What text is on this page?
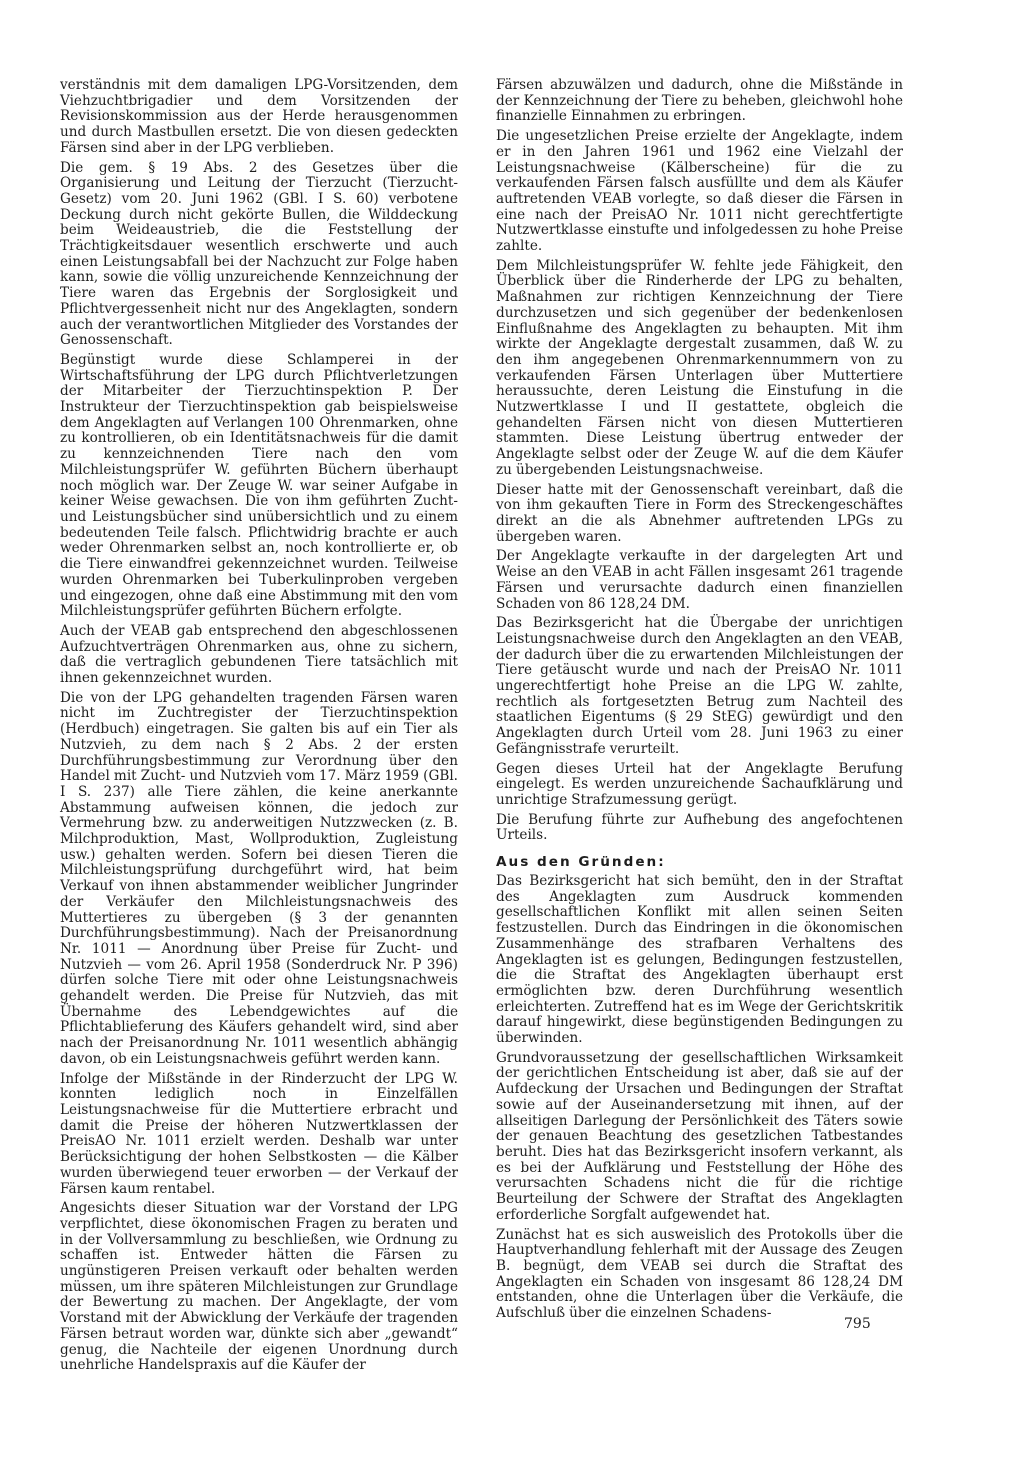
verständnis mit dem damaligen LPG-Vorsitzenden, dem Viehzuchtbrigadier und dem Vorsitzenden der Revisionskommission aus der Herde herausgenommen und durch Mastbullen ersetzt. Die von diesen gedeckten Färsen sind aber in der LPG verblieben.

Die gem. § 19 Abs. 2 des Gesetzes über die Organisierung und Leitung der Tierzucht (Tierzucht-Gesetz) vom 20. Juni 1962 (GBl. I S. 60) verbotene Deckung durch nicht gekörte Bullen, die Wilddeckung beim Weideaustrieb, die die Feststellung der Trächtigkeitsdauer wesentlich erschwerte und auch einen Leistungsabfall bei der Nachzucht zur Folge haben kann, sowie die völlig unzureichende Kennzeichnung der Tiere waren das Ergebnis der Sorglosigkeit und Pflichtvergessenheit nicht nur des Angeklagten, sondern auch der verantwortlichen Mitglieder des Vorstandes der Genossenschaft.

Begünstigt wurde diese Schlamperei in der Wirtschaftsführung der LPG durch Pflichtverletzungen der Mitarbeiter der Tierzuchtinspektion P. Der Instrukteur der Tierzuchtinspektion gab beispielsweise dem Angeklagten auf Verlangen 100 Ohrenmarken, ohne zu kontrollieren, ob ein Identitätsnachweis für die damit zu kennzeichnenden Tiere nach den vom Milchleistungsprüfer W. geführten Büchern überhaupt noch möglich war. Der Zeuge W. war seiner Aufgabe in keiner Weise gewachsen. Die von ihm geführten Zucht- und Leistungsbücher sind unübersichtlich und zu einem bedeutenden Teile falsch. Pflichtwidrig brachte er auch weder Ohrenmarken selbst an, noch kontrollierte er, ob die Tiere einwandfrei gekennzeichnet wurden. Teilweise wurden Ohrenmarken bei Tuberkulinproben vergeben und eingezogen, ohne daß eine Abstimmung mit den vom Milchleistungsprüfer geführten Büchern erfolgte.

Auch der VEAB gab entsprechend den abgeschlossenen Aufzuchtverträgen Ohrenmarken aus, ohne zu sichern, daß die vertraglich gebundenen Tiere tatsächlich mit ihnen gekennzeichnet wurden.

Die von der LPG gehandelten tragenden Färsen waren nicht im Zuchtregister der Tierzuchtinspektion (Herdbuch) eingetragen. Sie galten bis auf ein Tier als Nutzvieh, zu dem nach § 2 Abs. 2 der ersten Durchführungsbestimmung zur Verordnung über den Handel mit Zucht- und Nutzvieh vom 17. März 1959 (GBl. I S. 237) alle Tiere zählen, die keine anerkannte Abstammung aufweisen können, die jedoch zur Vermehrung bzw. zu anderweitigen Nutzzwecken (z. B. Milchproduktion, Mast, Wollproduktion, Zugleistung usw.) gehalten werden. Sofern bei diesen Tieren die Milchleistungsprüfung durchgeführt wird, hat beim Verkauf von ihnen abstammender weiblicher Jungrinder der Verkäufer den Milchleistungsnachweis des Muttertieres zu übergeben (§ 3 der genannten Durchführungsbestimmung). Nach der Preisanordnung Nr. 1011 — Anordnung über Preise für Zucht- und Nutzvieh — vom 26. April 1958 (Sonderdruck Nr. P 396) dürfen solche Tiere mit oder ohne Leistungsnachweis gehandelt werden. Die Preise für Nutzvieh, das mit Übernahme des Lebendgewichtes auf die Pflichtablieferung des Käufers gehandelt wird, sind aber nach der Preisanordnung Nr. 1011 wesentlich abhängig davon, ob ein Leistungsnachweis geführt werden kann.

Infolge der Mißstände in der Rinderzucht der LPG W. konnten lediglich noch in Einzelfällen Leistungsnachweise für die Muttertiere erbracht und damit die Preise der höheren Nutzwertklassen der PreisAO Nr. 1011 erzielt werden. Deshalb war unter Berücksichtigung der hohen Selbstkosten — die Kälber wurden überwiegend teuer erworben — der Verkauf der Färsen kaum rentabel.

Angesichts dieser Situation war der Vorstand der LPG verpflichtet, diese ökonomischen Fragen zu beraten und in der Vollversammlung zu beschließen, wie Ordnung zu schaffen ist. Entweder hätten die Färsen zu ungünstigeren Preisen verkauft oder behalten werden müssen, um ihre späteren Milchleistungen zur Grundlage der Bewertung zu machen. Der Angeklagte, der vom Vorstand mit der Abwicklung der Verkäufe der tragenden Färsen betraut worden war, dünkte sich aber „gewandt“ genug, die Nachteile der eigenen Unordnung durch unehrliche Handelspraxis auf die Käufer der

Färsen abzuwälzen und dadurch, ohne die Mißstände in der Kennzeichnung der Tiere zu beheben, gleichwohl hohe finanzielle Einnahmen zu erbringen.

Die ungesetzlichen Preise erzielte der Angeklagte, indem er in den Jahren 1961 und 1962 eine Vielzahl der Leistungsnachweise (Kälberscheine) für die zu verkaufenden Färsen falsch ausfüllte und dem als Käufer auftretenden VEAB vorlegte, so daß dieser die Färsen in eine nach der PreisAO Nr. 1011 nicht gerechtfertigte Nutzwertklasse einstufte und infolgedessen zu hohe Preise zahlte.

Dem Milchleistungsprüfer W. fehlte jede Fähigkeit, den Überblick über die Rinderherde der LPG zu behalten, Maßnahmen zur richtigen Kennzeichnung der Tiere durchzusetzen und sich gegenüber der bedenkenlosen Einflußnahme des Angeklagten zu behaupten. Mit ihm wirkte der Angeklagte dergestalt zusammen, daß W. zu den ihm angegebenen Ohrenmarkennummern von zu verkaufenden Färsen Unterlagen über Muttertiere heraussuchte, deren Leistung die Einstufung in die Nutzwertklasse I und II gestattete, obgleich die gehandelten Färsen nicht von diesen Muttertieren stammten. Diese Leistung übertrug entweder der Angeklagte selbst oder der Zeuge W. auf die dem Käufer zu übergebenden Leistungsnachweise.

Dieser hatte mit der Genossenschaft vereinbart, daß die von ihm gekauften Tiere in Form des Streckengeschäftes direkt an die als Abnehmer auftretenden LPGs zu übergeben waren.

Der Angeklagte verkaufte in der dargelegten Art und Weise an den VEAB in acht Fällen insgesamt 261 tragende Färsen und verursachte dadurch einen finanziellen Schaden von 86 128,24 DM.

Das Bezirksgericht hat die Übergabe der unrichtigen Leistungsnachweise durch den Angeklagten an den VEAB, der dadurch über die zu erwartenden Milchleistungen der Tiere getäuscht wurde und nach der PreisAO Nr. 1011 ungerechtfertigt hohe Preise an die LPG W. zahlte, rechtlich als fortgesetzten Betrug zum Nachteil des staatlichen Eigentums (§ 29 StEG) gewürdigt und den Angeklagten durch Urteil vom 28. Juni 1963 zu einer Gefängnisstrafe verurteilt.

Gegen dieses Urteil hat der Angeklagte Berufung eingelegt. Es werden unzureichende Sachaufklärung und unrichtige Strafzumessung gerügt.

Die Berufung führte zur Aufhebung des angefochtenen Urteils.

Aus den Gründen:

Das Bezirksgericht hat sich bemüht, den in der Straftat des Angeklagten zum Ausdruck kommenden gesellschaftlichen Konflikt mit allen seinen Seiten festzustellen. Durch das Eindringen in die ökonomischen Zusammenhänge des strafbaren Verhaltens des Angeklagten ist es gelungen, Bedingungen festzustellen, die die Straftat des Angeklagten überhaupt erst ermöglichten bzw. deren Durchführung wesentlich erleichterten. Zutreffend hat es im Wege der Gerichtskritik darauf hingewirkt, diese begünstigenden Bedingungen zu überwinden.

Grundvoraussetzung der gesellschaftlichen Wirksamkeit der gerichtlichen Entscheidung ist aber, daß sie auf der Aufdeckung der Ursachen und Bedingungen der Straftat sowie auf der Auseinandersetzung mit ihnen, auf der allseitigen Darlegung der Persönlichkeit des Täters sowie der genauen Beachtung des gesetzlichen Tatbestandes beruht. Dies hat das Bezirksgericht insofern verkannt, als es bei der Aufklärung und Feststellung der Höhe des verursachten Schadens nicht die für die richtige Beurteilung der Schwere der Straftat des Angeklagten erforderliche Sorgfalt aufgewendet hat.

Zunächst hat es sich ausweislich des Protokolls über die Hauptverhandlung fehlerhaft mit der Aussage des Zeugen B. begnügt, dem VEAB sei durch die Straftat des Angeklagten ein Schaden von insgesamt 86 128,24 DM entstanden, ohne die Unterlagen über die Verkäufe, die Aufschluß über die einzelnen Schadens-

795
